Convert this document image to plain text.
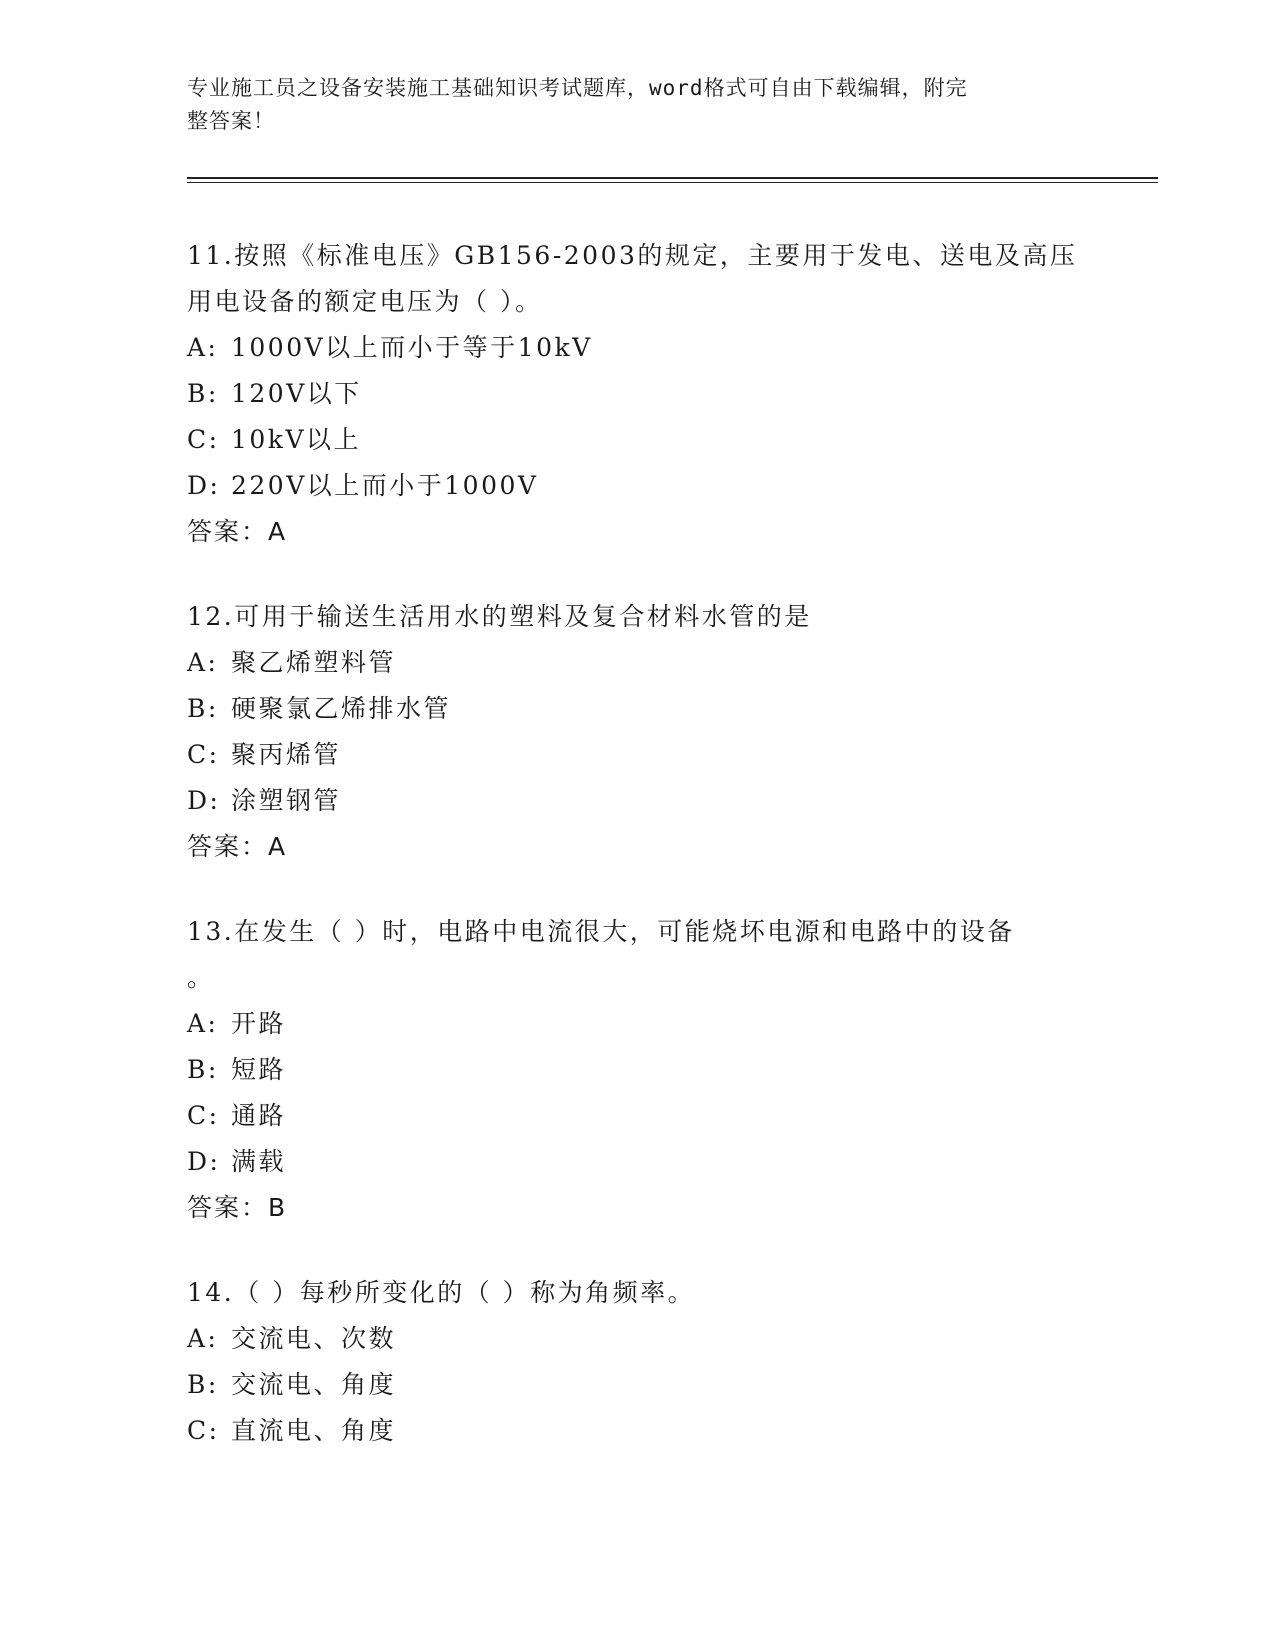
专业施工员之设备安装施工基础知识考试题库，word格式可自由下载编辑，附完
整答案！
11.按照《标准电压》GB156-2003的规定，主要用于发电、送电及高压
用电设备的额定电压为（ ）。
A: 1000V以上而小于等于10kV
B: 120V以下
C: 10kV以上
D: 220V以上而小于1000V
答案：A
12.可用于输送生活用水的塑料及复合材料水管的是
A: 聚乙烯塑料管
B: 硬聚氯乙烯排水管
C: 聚丙烯管
D: 涂塑钢管
答案：A
13.在发生（ ）时，电路中电流很大，可能烧坏电源和电路中的设备
。
A: 开路
B: 短路
C: 通路
D: 满载
答案：B
14.（ ）每秒所变化的（ ）称为角频率。
A: 交流电、次数
B: 交流电、角度
C: 直流电、角度
